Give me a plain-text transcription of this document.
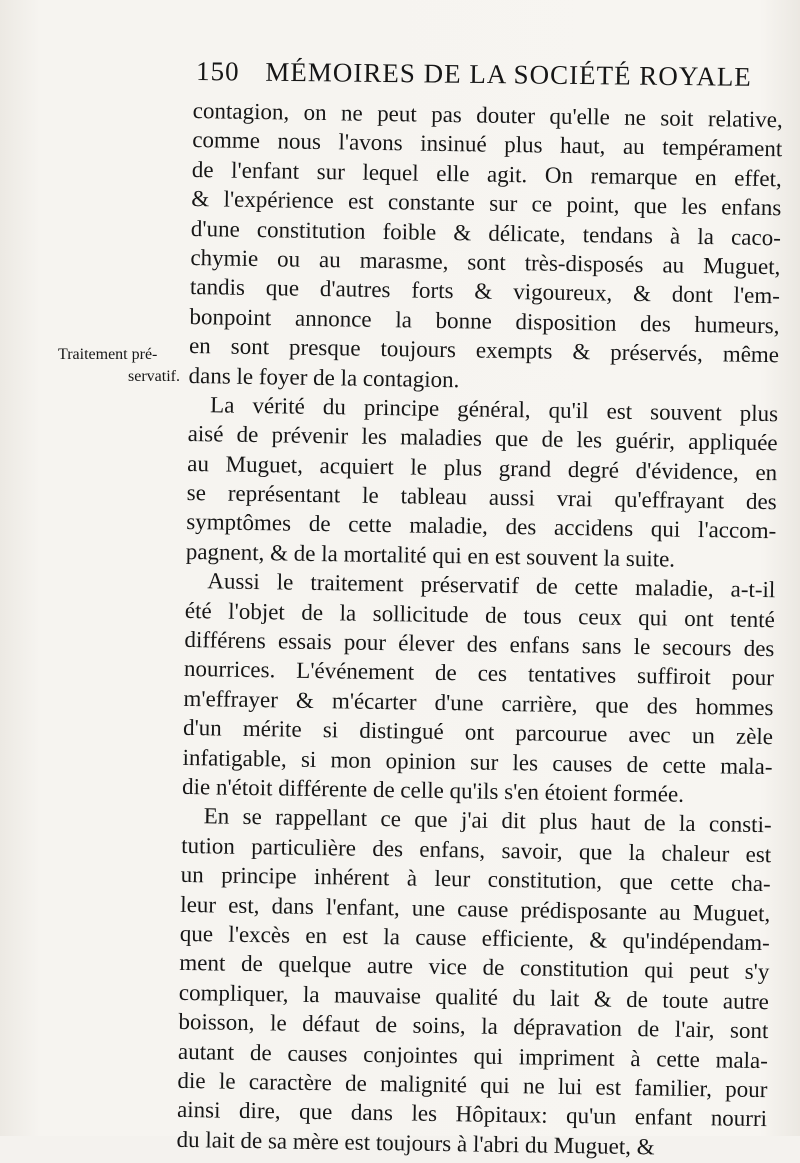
150 MÉMOIRES DE LA SOCIÉTÉ ROYALE
Traitement pré-
servatif.
contagion, on ne peut pas douter qu'elle ne soit relative,
comme nous l'avons insinué plus haut, au tempérament
de l'enfant sur lequel elle agit. On remarque en effet,
& l'expérience est constante sur ce point, que les enfans
d'une constitution foible & délicate, tendans à la caco-
chymie ou au marasme, sont très-disposés au Muguet,
tandis que d'autres forts & vigoureux, & dont l'em-
bonpoint annonce la bonne disposition des humeurs,
en sont presque toujours exempts & préservés, même
dans le foyer de la contagion.
La vérité du principe général, qu'il est souvent plus
aisé de prévenir les maladies que de les guérir, appliquée
au Muguet, acquiert le plus grand degré d'évidence, en
se représentant le tableau aussi vrai qu'effrayant des
symptômes de cette maladie, des accidens qui l'accom-
pagnent, & de la mortalité qui en est souvent la suite.
Aussi le traitement préservatif de cette maladie, a-t-il
été l'objet de la sollicitude de tous ceux qui ont tenté
différens essais pour élever des enfans sans le secours des
nourrices. L'événement de ces tentatives suffiroit pour
m'effrayer & m'écarter d'une carrière, que des hommes
d'un mérite si distingué ont parcourue avec un zèle
infatigable, si mon opinion sur les causes de cette mala-
die n'étoit différente de celle qu'ils s'en étoient formée.
En se rappellant ce que j'ai dit plus haut de la consti-
tution particulière des enfans, savoir, que la chaleur est
un principe inhérent à leur constitution, que cette cha-
leur est, dans l'enfant, une cause prédisposante au Muguet,
que l'excès en est la cause efficiente, & qu'indépendam-
ment de quelque autre vice de constitution qui peut s'y
compliquer, la mauvaise qualité du lait & de toute autre
boisson, le défaut de soins, la dépravation de l'air, sont
autant de causes conjointes qui impriment à cette mala-
die le caractère de malignité qui ne lui est familier, pour
ainsi dire, que dans les Hôpitaux: qu'un enfant nourri
du lait de sa mère est toujours à l'abri du Muguet, &
